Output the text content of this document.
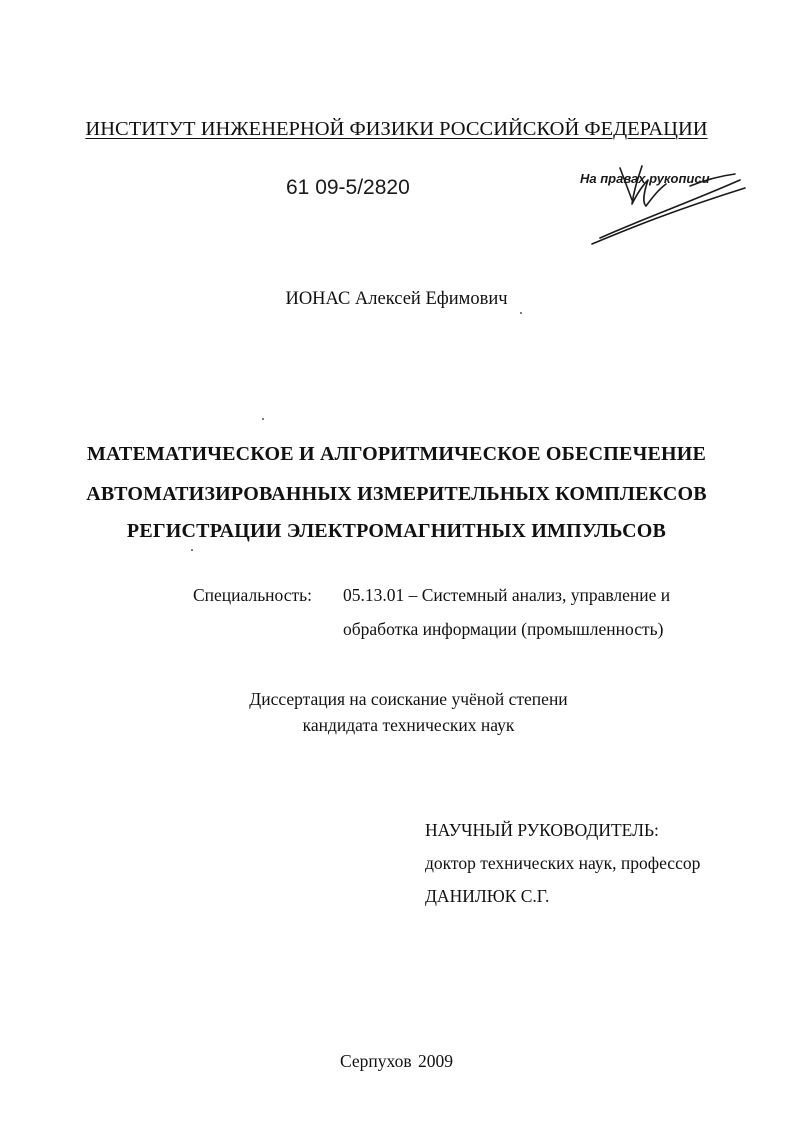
ИНСТИТУТ ИНЖЕНЕРНОЙ ФИЗИКИ РОССИЙСКОЙ ФЕДЕРАЦИИ
61 09-5/2820	На правах рукописи
ИОНАС Алексей Ефимович
МАТЕМАТИЧЕСКОЕ И АЛГОРИТМИЧЕСКОЕ ОБЕСПЕЧЕНИЕ
АВТОМАТИЗИРОВАННЫХ ИЗМЕРИТЕЛЬНЫХ КОМПЛЕКСОВ
РЕГИСТРАЦИИ ЭЛЕКТРОМАГНИТНЫХ ИМПУЛЬСОВ
Специальность: 05.13.01 – Системный анализ, управление и
обработка информации (промышленность)
Диссертация на соискание учёной степени
кандидата технических наук
НАУЧНЫЙ РУКОВОДИТЕЛЬ:
доктор технических наук, профессор
ДАНИЛЮК С.Г.
Серпухов 2009
